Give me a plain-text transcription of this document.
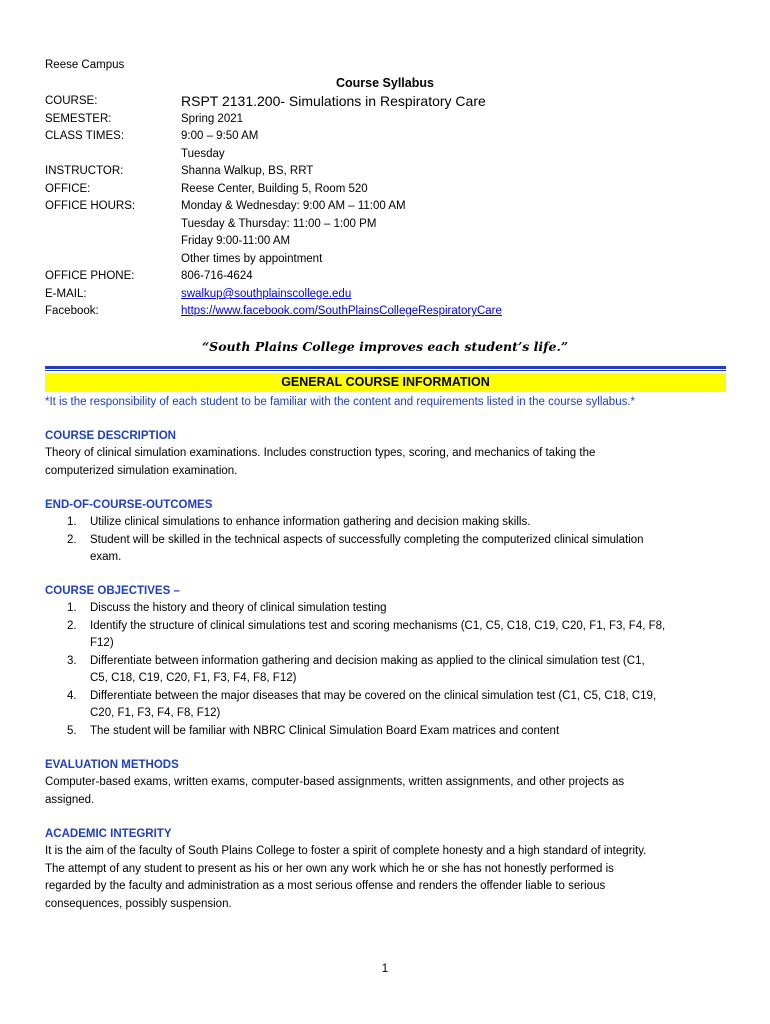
Reese Campus
Course Syllabus
COURSE:	RSPT 2131.200- Simulations in Respiratory Care
SEMESTER:	Spring 2021
CLASS TIMES:	9:00 – 9:50 AM
Tuesday
INSTRUCTOR:	Shanna Walkup, BS, RRT
OFFICE:	Reese Center, Building 5, Room 520
OFFICE HOURS:	Monday & Wednesday: 9:00 AM – 11:00 AM
Tuesday & Thursday: 11:00 – 1:00 PM
Friday 9:00-11:00 AM
Other times by appointment
OFFICE PHONE:	806-716-4624
E-MAIL:	swalkup@southplainscollege.edu
Facebook:	https://www.facebook.com/SouthPlainsCollegeRespiratoryCare
“South Plains College improves each student’s life.”
GENERAL COURSE INFORMATION
*It is the responsibility of each student to be familiar with the content and requirements listed in the course syllabus.*
COURSE DESCRIPTION
Theory of clinical simulation examinations. Includes construction types, scoring, and mechanics of taking the
computerized simulation examination.
END-OF-COURSE-OUTCOMES
1. Utilize clinical simulations to enhance information gathering and decision making skills.
2. Student will be skilled in the technical aspects of successfully completing the computerized clinical simulation
exam.
COURSE OBJECTIVES –
1. Discuss the history and theory of clinical simulation testing
2. Identify the structure of clinical simulations test and scoring mechanisms (C1, C5, C18, C19, C20, F1, F3, F4, F8,
F12)
3. Differentiate between information gathering and decision making as applied to the clinical simulation test (C1,
C5, C18, C19, C20, F1, F3, F4, F8, F12)
4. Differentiate between the major diseases that may be covered on the clinical simulation test (C1, C5, C18, C19,
C20, F1, F3, F4, F8, F12)
5. The student will be familiar with NBRC Clinical Simulation Board Exam matrices and content
EVALUATION METHODS
Computer-based exams, written exams, computer-based assignments, written assignments, and other projects as
assigned.
ACADEMIC INTEGRITY
It is the aim of the faculty of South Plains College to foster a spirit of complete honesty and a high standard of integrity.
The attempt of any student to present as his or her own any work which he or she has not honestly performed is
regarded by the faculty and administration as a most serious offense and renders the offender liable to serious
consequences, possibly suspension.
1
